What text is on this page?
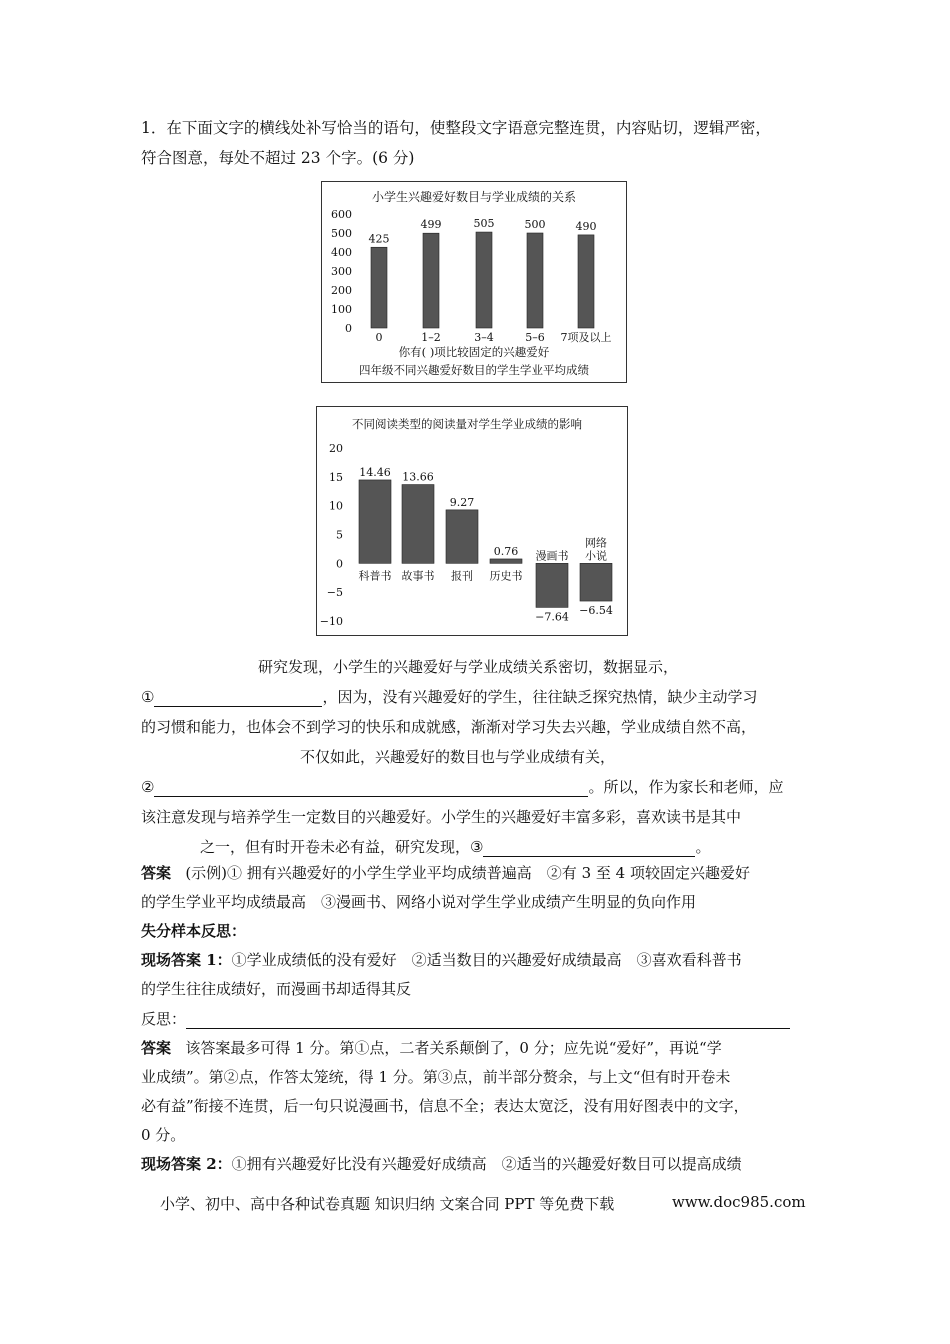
1．在下面文字的横线处补写恰当的语句，使整段文字语意完整连贯，内容贴切，逻辑严密，
符合图意，每处不超过 23 个字。(6 分)
小学生兴趣爱好数目与学业成绩的关系
600
500
400
300
200
100
0
425
0
499
1–2
505
3–4
500
5–6
490
7项及以上
你有( )项比较固定的兴趣爱好
四年级不同兴趣爱好数目的学生学业平均成绩
不同阅读类型的阅读量对学生学业成绩的影响
20
15
10
5
0
−5
−10
14.46
科普书
13.66
故事书
9.27
报刊
0.76
历史书
−7.64
漫画书
−6.54
网络
小说
研究发现，小学生的兴趣爱好与学业成绩关系密切，数据显示，
①	，因为，没有兴趣爱好的学生，往往缺乏探究热情，缺少主动学习
的习惯和能力，也体会不到学习的快乐和成就感，渐渐对学习失去兴趣，学业成绩自然不高，
不仅如此，兴趣爱好的数目也与学业成绩有关，
②	。所以，作为家长和老师，应
该注意发现与培养学生一定数目的兴趣爱好。小学生的兴趣爱好丰富多彩，喜欢读书是其中
之一，但有时开卷未必有益，研究发现，③	。
答案 (示例)① 拥有兴趣爱好的小学生学业平均成绩普遍高　②有 3 至 4 项较固定兴趣爱好
的学生学业平均成绩最高　③漫画书、网络小说对学生学业成绩产生明显的负向作用
失分样本反思：
现场答案 1：①学业成绩低的没有爱好　②适当数目的兴趣爱好成绩最高　③喜欢看科普书
的学生往往成绩好，而漫画书却适得其反
反思：
答案 该答案最多可得 1 分。第①点，二者关系颠倒了，0 分；应先说“爱好”，再说“学
业成绩”。第②点，作答太笼统，得 1 分。第③点，前半部分赘余，与上文“但有时开卷未
必有益”衔接不连贯，后一句只说漫画书，信息不全；表达太宽泛，没有用好图表中的文字，
0 分。
现场答案 2：①拥有兴趣爱好比没有兴趣爱好成绩高　②适当的兴趣爱好数目可以提高成绩
小学、初中、高中各种试卷真题 知识归纳 文案合同 PPT 等免费下载	www.doc985.com
